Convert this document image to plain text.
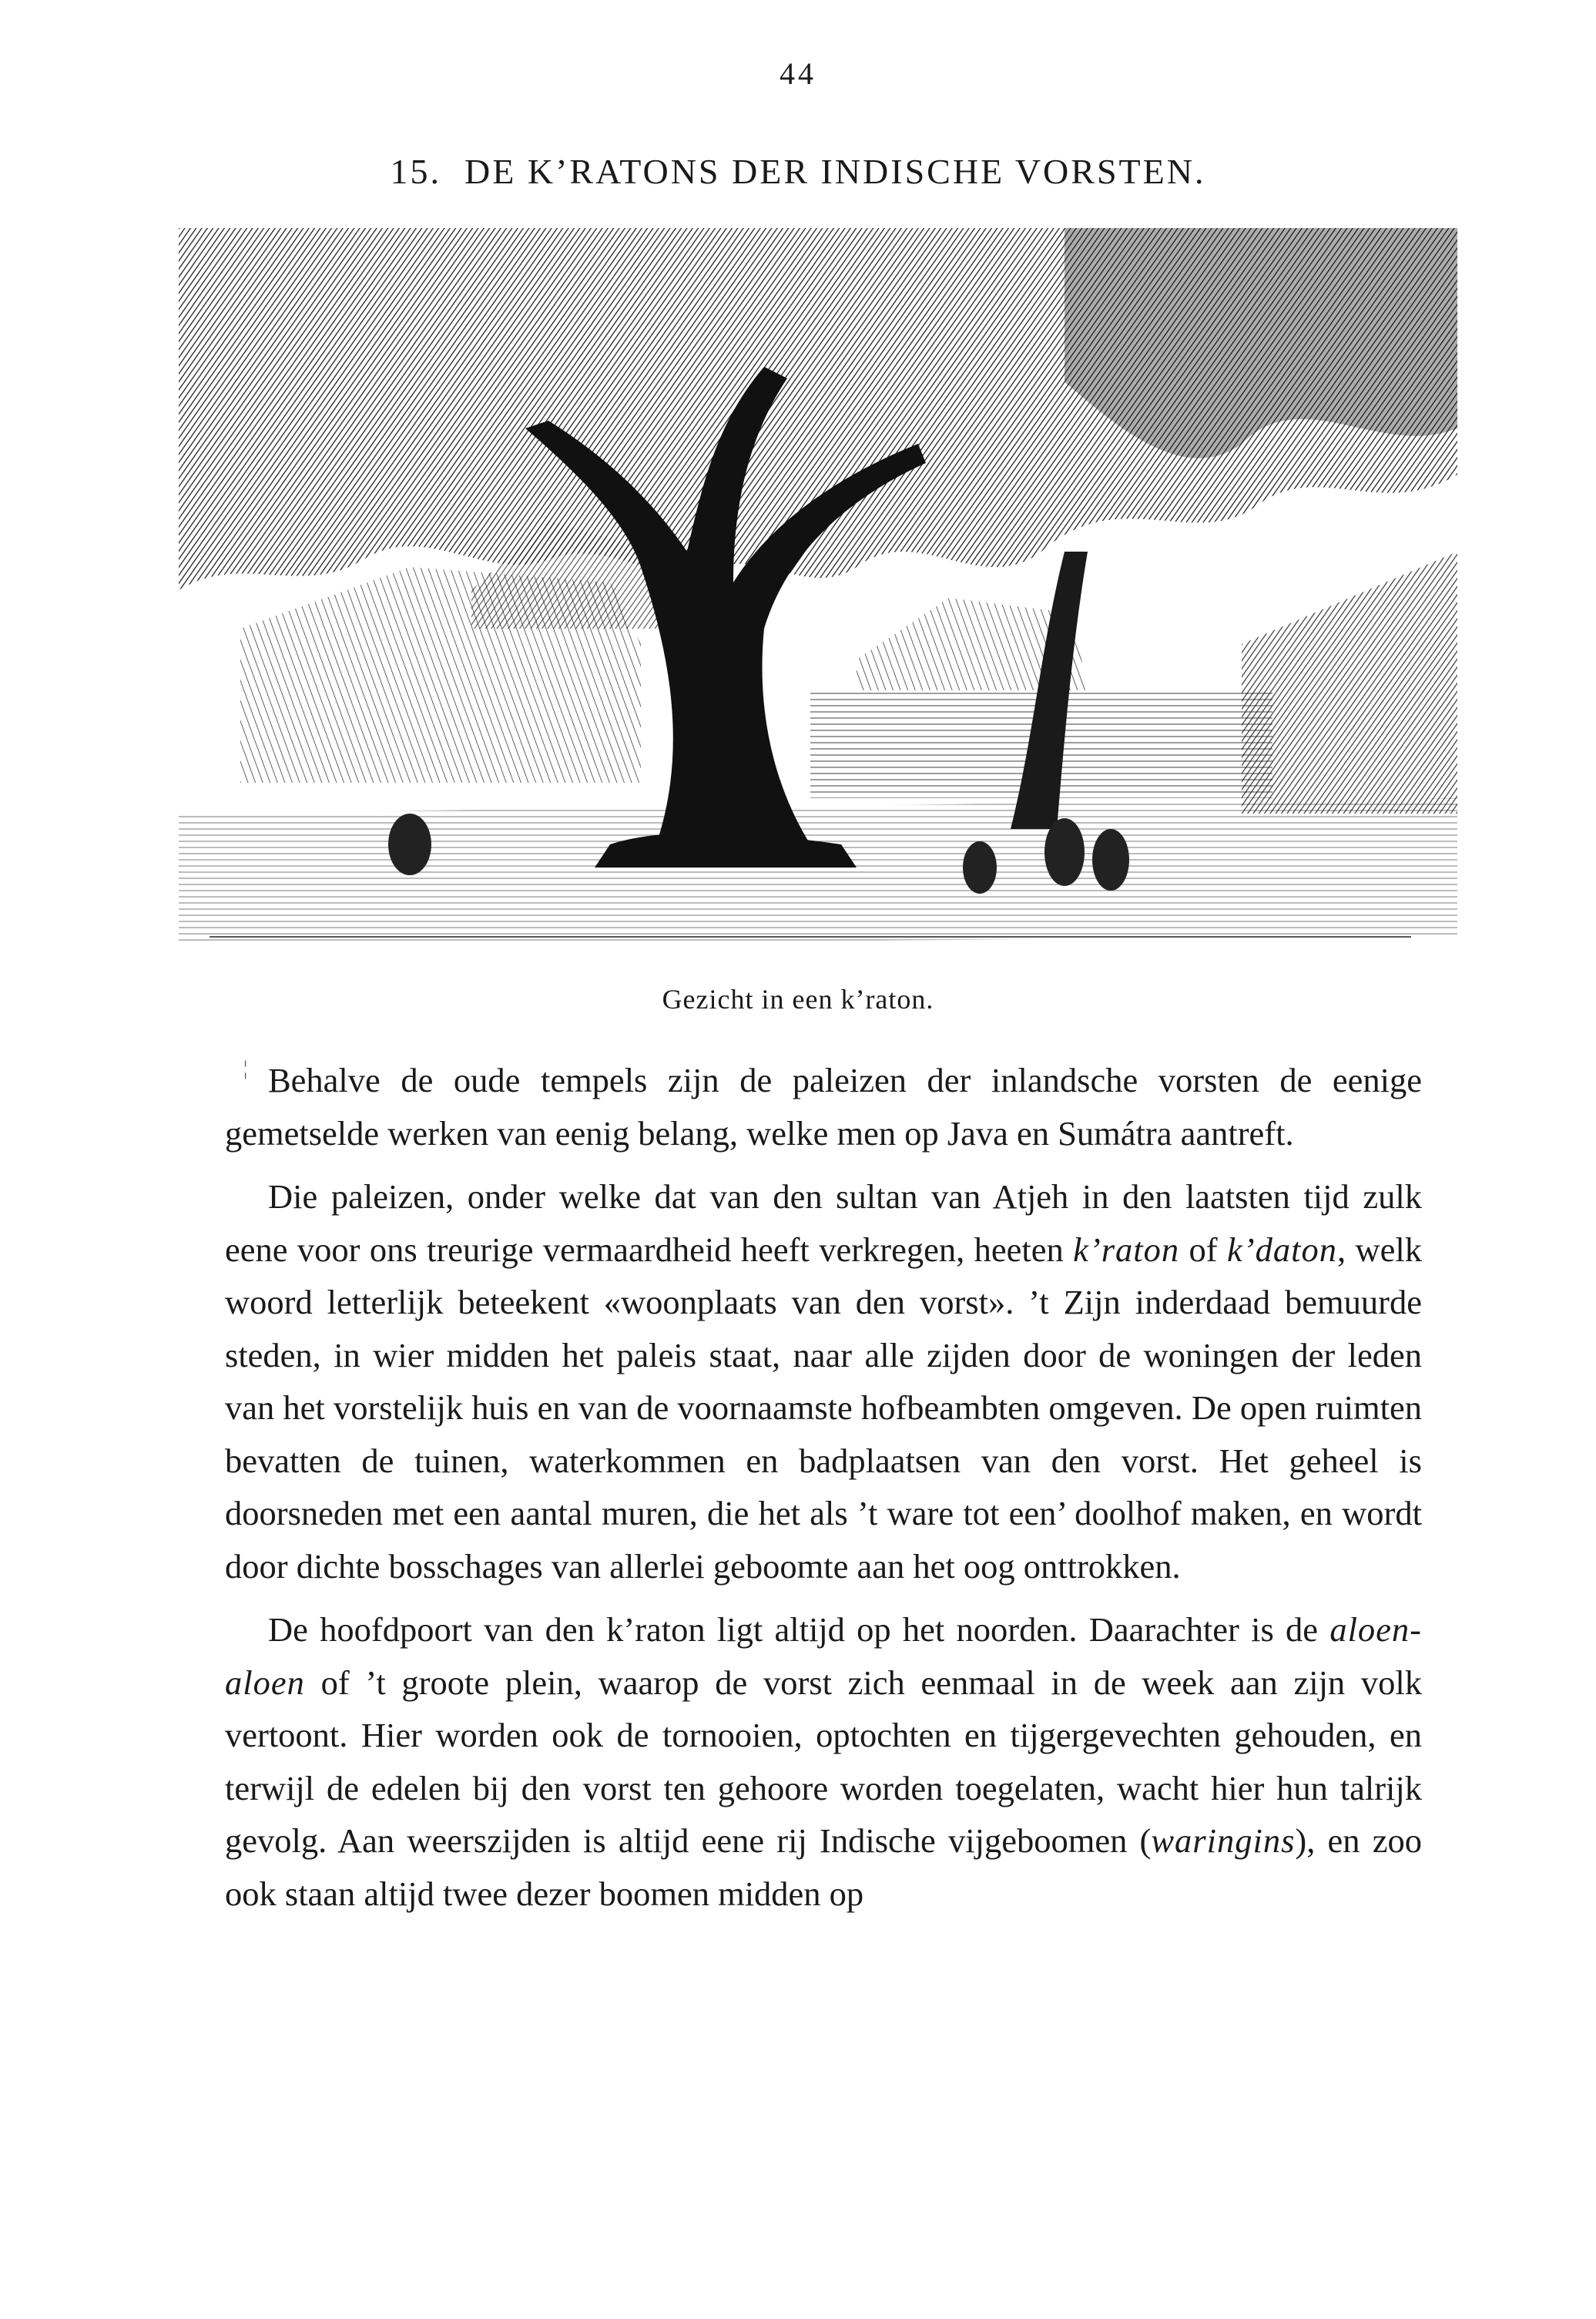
44
15. DE K’RATONS DER INDISCHE VORSTEN.
Gezicht in een k’raton.
¦ Behalve de oude tempels zijn de paleizen der inlandsche vorsten de eenige gemetselde werken van eenig belang, welke men op Java en Sumátra aantreft.

Die paleizen, onder welke dat van den sultan van Atjeh in den laatsten tijd zulk eene voor ons treurige vermaardheid heeft verkregen, heeten k’raton of k’daton, welk woord letterlijk beteekent «woonplaats van den vorst». ’t Zijn inderdaad bemuurde steden, in wier midden het paleis staat, naar alle zijden door de woningen der leden van het vorstelijk huis en van de voornaamste hofbeambten omgeven. De open ruimten bevatten de tuinen, waterkommen en badplaatsen van den vorst. Het geheel is doorsneden met een aantal muren, die het als ’t ware tot een’ doolhof maken, en wordt door dichte bosschages van allerlei geboomte aan het oog onttrokken.

De hoofdpoort van den k’raton ligt altijd op het noorden. Daarachter is de aloen-aloen of ’t groote plein, waarop de vorst zich eenmaal in de week aan zijn volk vertoont. Hier worden ook de tornooien, optochten en tijgergevechten gehouden, en terwijl de edelen bij den vorst ten gehoore worden toegelaten, wacht hier hun talrijk gevolg. Aan weerszijden is altijd eene rij Indische vijgeboomen (waringins), en zoo ook staan altijd twee dezer boomen midden op
